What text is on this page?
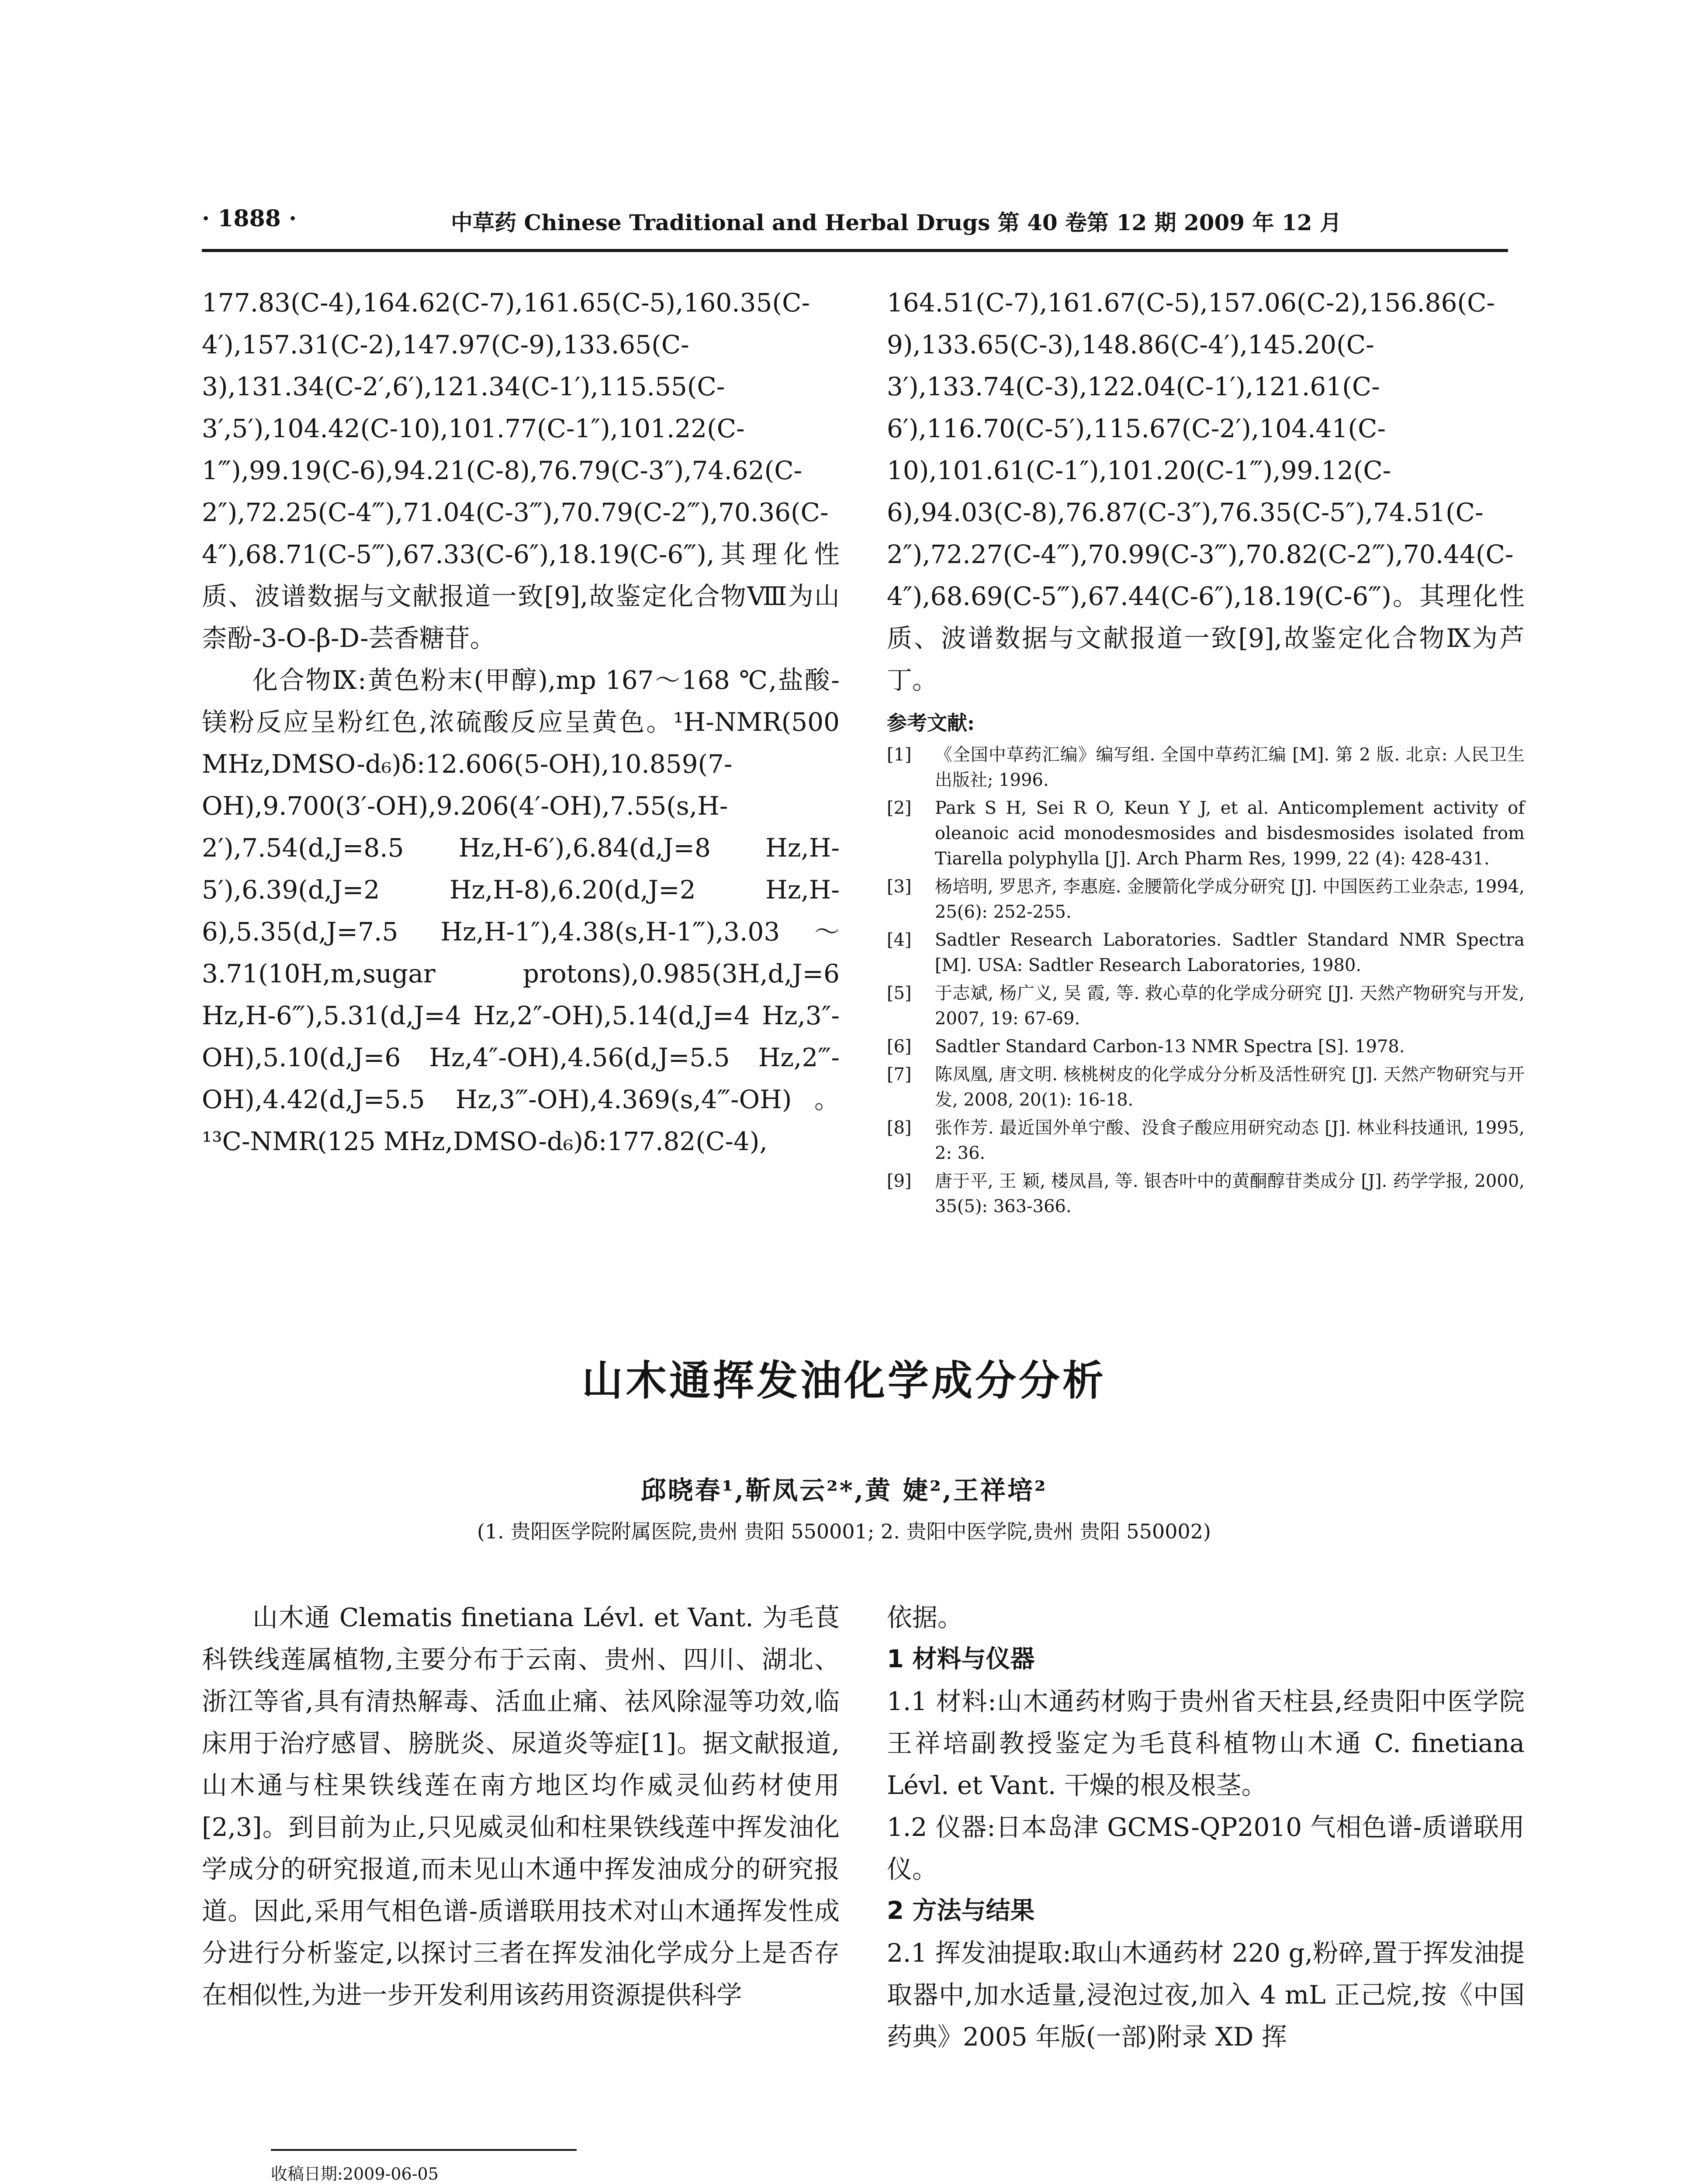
· 1888 ·	中草药 Chinese Traditional and Herbal Drugs 第 40 卷第 12 期 2009 年 12 月

177.83(C-4),164.62(C-7),161.65(C-5),160.35(C-4′),157.31(C-2),147.97(C-9),133.65(C-3),131.34(C-2′,6′),121.34(C-1′),115.55(C-3′,5′),104.42(C-10),101.77(C-1″),101.22(C-1‴),99.19(C-6),94.21(C-8),76.79(C-3″),74.62(C-2″),72.25(C-4‴),71.04(C-3‴),70.79(C-2‴),70.36(C-4″),68.71(C-5‴),67.33(C-6″),18.19(C-6‴),其理化性质、波谱数据与文献报道一致[9],故鉴定化合物Ⅷ为山柰酚-3-O-β-D-芸香糖苷。

化合物Ⅸ:黄色粉末(甲醇),mp 167～168 ℃,盐酸-镁粉反应呈粉红色,浓硫酸反应呈黄色。¹H-NMR(500 MHz,DMSO-d₆)δ:12.606(5-OH),10.859(7-OH),9.700(3′-OH),9.206(4′-OH),7.55(s,H-2′),7.54(d,J=8.5 Hz,H-6′),6.84(d,J=8 Hz,H-5′),6.39(d,J=2 Hz,H-8),6.20(d,J=2 Hz,H-6),5.35(d,J=7.5 Hz,H-1″),4.38(s,H-1‴),3.03～3.71(10H,m,sugar protons),0.985(3H,d,J=6 Hz,H-6‴),5.31(d,J=4 Hz,2″-OH),5.14(d,J=4 Hz,3″-OH),5.10(d,J=6 Hz,4″-OH),4.56(d,J=5.5 Hz,2‴-OH),4.42(d,J=5.5 Hz,3‴-OH),4.369(s,4‴-OH)。¹³C-NMR(125 MHz,DMSO-d₆)δ:177.82(C-4),

164.51(C-7),161.67(C-5),157.06(C-2),156.86(C-9),133.65(C-3),148.86(C-4′),145.20(C-3′),133.74(C-3),122.04(C-1′),121.61(C-6′),116.70(C-5′),115.67(C-2′),104.41(C-10),101.61(C-1″),101.20(C-1‴),99.12(C-6),94.03(C-8),76.87(C-3″),76.35(C-5″),74.51(C-2″),72.27(C-4‴),70.99(C-3‴),70.82(C-2‴),70.44(C-4″),68.69(C-5‴),67.44(C-6″),18.19(C-6‴)。其理化性质、波谱数据与文献报道一致[9],故鉴定化合物Ⅸ为芦丁。

参考文献:

[1]	《全国中草药汇编》编写组. 全国中草药汇编 [M]. 第 2 版. 北京: 人民卫生出版社; 1996.
[2]	Park S H, Sei R O, Keun Y J, et al. Anticomplement activity of oleanoic acid monodesmosides and bisdesmosides isolated from Tiarella polyphylla [J]. Arch Pharm Res, 1999, 22 (4): 428-431.
[3]	杨培明, 罗思齐, 李惠庭. 金腰箭化学成分研究 [J]. 中国医药工业杂志, 1994, 25(6): 252-255.
[4]	Sadtler Research Laboratories. Sadtler Standard NMR Spectra [M]. USA: Sadtler Research Laboratories, 1980.
[5]	于志斌, 杨广义, 吴 霞, 等. 救心草的化学成分研究 [J]. 天然产物研究与开发, 2007, 19: 67-69.
[6]	Sadtler Standard Carbon-13 NMR Spectra [S]. 1978.
[7]	陈凤凰, 唐文明. 核桃树皮的化学成分分析及活性研究 [J]. 天然产物研究与开发, 2008, 20(1): 16-18.
[8]	张作芳. 最近国外单宁酸、没食子酸应用研究动态 [J]. 林业科技通讯, 1995, 2: 36.
[9]	唐于平, 王 颖, 楼凤昌, 等. 银杏叶中的黄酮醇苷类成分 [J]. 药学学报, 2000, 35(5): 363-366.
山木通挥发油化学成分分析
邱晓春¹,靳凤云²*,黄 婕²,王祥培²
(1. 贵阳医学院附属医院,贵州 贵阳 550001; 2. 贵阳中医学院,贵州 贵阳 550002)

山木通 Clematis finetiana Lévl. et Vant. 为毛茛科铁线莲属植物,主要分布于云南、贵州、四川、湖北、浙江等省,具有清热解毒、活血止痛、祛风除湿等功效,临床用于治疗感冒、膀胱炎、尿道炎等症[1]。据文献报道,山木通与柱果铁线莲在南方地区均作威灵仙药材使用[2,3]。到目前为止,只见威灵仙和柱果铁线莲中挥发油化学成分的研究报道,而未见山木通中挥发油成分的研究报道。因此,采用气相色谱-质谱联用技术对山木通挥发性成分进行分析鉴定,以探讨三者在挥发油化学成分上是否存在相似性,为进一步开发利用该药用资源提供科学

依据。

1 材料与仪器

1.1 材料:山木通药材购于贵州省天柱县,经贵阳中医学院王祥培副教授鉴定为毛茛科植物山木通 C. finetiana Lévl. et Vant. 干燥的根及根茎。

1.2 仪器:日本岛津 GCMS-QP2010 气相色谱-质谱联用仪。

2 方法与结果

2.1 挥发油提取:取山木通药材 220 g,粉碎,置于挥发油提取器中,加水适量,浸泡过夜,加入 4 mL 正己烷,按《中国药典》2005 年版(一部)附录 XD 挥

收稿日期:2009-06-05
